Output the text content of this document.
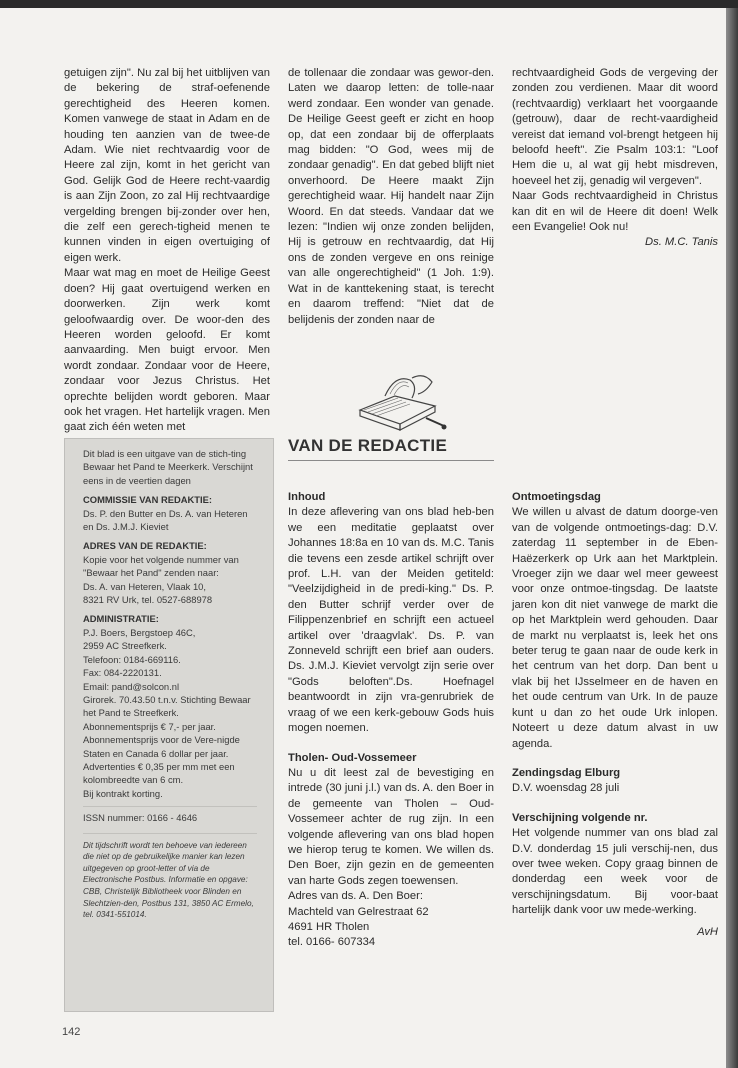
getuigen zijn". Nu zal bij het uitblijven van de bekering de straf-oefenende gerechtigheid des Heeren komen. Komen vanwege de staat in Adam en de houding ten aanzien van de twee-de Adam. Wie niet rechtvaardig voor de Heere zal zijn, komt in het gericht van God. Gelijk God de Heere recht-vaardig is aan Zijn Zoon, zo zal Hij rechtvaardige vergelding brengen bij-zonder over hen, die zelf een gerech-tigheid menen te kunnen vinden in eigen overtuiging of eigen werk.

Maar wat mag en moet de Heilige Geest doen? Hij gaat overtuigend werken en doorwerken. Zijn werk komt geloofwaardig over. De woor-den des Heeren worden geloofd. Er komt aanvaarding. Men buigt ervoor. Men wordt zondaar. Zondaar voor de Heere, zondaar voor Jezus Christus. Het oprechte belijden wordt geboren. Maar ook het vragen. Het hartelijk vragen. Men gaat zich één weten met

de tollenaar die zondaar was gewor-den. Laten we daarop letten: de tolle-naar werd zondaar. Een wonder van genade. De Heilige Geest geeft er zicht en hoop op, dat een zondaar bij de offerplaats mag bidden: "O God, wees mij de zondaar genadig". En dat gebed blijft niet onverhoord. De Heere maakt Zijn gerechtigheid waar. Hij handelt naar Zijn Woord. En dat steeds. Vandaar dat we lezen: "Indien wij onze zonden belijden, Hij is getrouw en rechtvaardig, dat Hij ons de zonden vergeve en ons reinige van alle ongerechtigheid" (1 Joh. 1:9). Wat in de kanttekening staat, is terecht en daarom treffend: "Niet dat de belijdenis der zonden naar de

rechtvaardigheid Gods de vergeving der zonden zou verdienen. Maar dit woord (rechtvaardig) verklaart het voorgaande (getrouw), daar de recht-vaardigheid vereist dat iemand vol-brengt hetgeen hij beloofd heeft". Zie Psalm 103:1: "Loof Hem die u, al wat gij hebt misdreven, hoeveel het zij, genadig wil vergeven".

Naar Gods rechtvaardigheid in Christus kan dit en wil de Heere dit doen! Welk een Evangelie! Ook nu!

Ds. M.C. Tanis

Dit blad is een uitgave van de stich-ting Bewaar het Pand te Meerkerk. Verschijnt eens in de veertien dagen

COMMISSIE VAN REDAKTIE:

Ds. P. den Butter en Ds. A. van Heteren en Ds. J.M.J. Kieviet

ADRES VAN DE REDAKTIE:

Kopie voor het volgende nummer van "Bewaar het Pand" zenden naar:

Ds. A. van Heteren, Vlaak 10,

8321 RV Urk, tel. 0527-688978

ADMINISTRATIE:

P.J. Boers, Bergstoep 46C,

2959 AC Streefkerk.

Telefoon: 0184-669116.

Fax: 084-2220131.

Email: pand@solcon.nl

Girorek. 70.43.50 t.n.v. Stichting Bewaar het Pand te Streefkerk.

Abonnementsprijs € 7,- per jaar.

Abonnementsprijs voor de Vere-nigde Staten en Canada 6 dollar per jaar. Advertenties € 0,35 per mm met een kolombreedte van 6 cm.

Bij kontrakt korting.

ISSN nummer: 0166 - 4646

Dit tijdschrift wordt ten behoeve van iedereen die niet op de gebruikelijke manier kan lezen uitgegeven op groot-letter of via de Electronische Postbus. Informatie en opgave: CBB, Christelijk Bibliotheek voor Blinden en Slechtzien-den, Postbus 131, 3850 AC Ermelo, tel. 0341-551014.

VAN DE REDACTIE

Inhoud

In deze aflevering van ons blad heb-ben we een meditatie geplaatst over Johannes 18:8a en 10 van ds. M.C. Tanis die tevens een zesde artikel schrijft over prof. L.H. van der Meiden getiteld: "Veelzijdigheid in de predi-king." Ds. P. den Butter schrijf verder over de Filippenzenbrief en schrijft een actueel artikel over 'draagvlak'. Ds. P. van Zonneveld schrijft een brief aan ouders. Ds. J.M.J. Kieviet vervolgt zijn serie over "Gods beloften".Ds. Hoefnagel beantwoordt in zijn vra-genrubriek de vraag of we een kerk-gebouw Gods huis mogen noemen.

Tholen- Oud-Vossemeer

Nu u dit leest zal de bevestiging en intrede (30 juni j.l.) van ds. A. den Boer in de gemeente van Tholen – Oud-Vossemeer achter de rug zijn. In een volgende aflevering van ons blad hopen we hierop terug te komen. We willen ds. Den Boer, zijn gezin en de gemeenten van harte Gods zegen toewensen.

Adres van ds. A. Den Boer:

Machteld van Gelrestraat 62

4691 HR Tholen

tel. 0166- 607334

Ontmoetingsdag

We willen u alvast de datum doorge-ven van de volgende ontmoetings-dag: D.V. zaterdag 11 september in de Eben- Haëzerkerk op Urk aan het Marktplein. Vroeger zijn we daar wel meer geweest voor onze ontmoe-tingsdag. De laatste jaren kon dit niet vanwege de markt die op het Marktplein werd gehouden. Daar de markt nu verplaatst is, leek het ons beter terug te gaan naar de oude kerk in het centrum van het dorp. Dan bent u vlak bij het IJsselmeer en de haven en het oude centrum van Urk. In de pauze kunt u dan zo het oude Urk inlopen. Noteert u deze datum alvast in uw agenda.

Zendingsdag Elburg

D.V. woensdag 28 juli

Verschijning volgende nr.

Het volgende nummer van ons blad zal D.V. donderdag 15 juli verschij-nen, dus over twee weken. Copy graag binnen de donderdag een week voor de verschijningsdatum. Bij voor-baat hartelijk dank voor uw mede-werking.

AvH

142
